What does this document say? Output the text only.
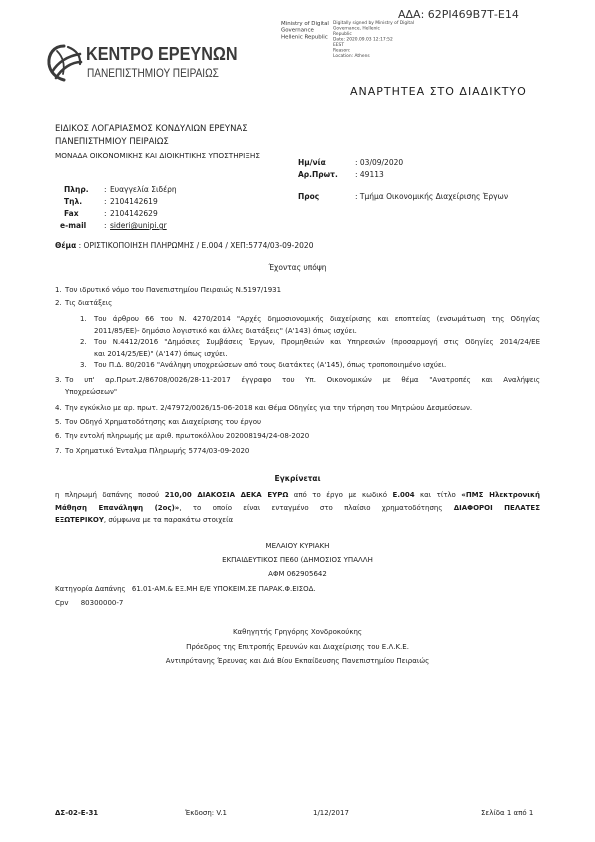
ΑΔΑ: 62ΡΙ469Β7Τ-Ε14
Ministry of Digital
Governance
Hellenic Republic
Digitally signed by Ministry of Digital
Governance, Hellenic
Republic
Date: 2020.09.03 12:17:52
EEST
Reason:
Location: Athens
ΚΕΝΤΡΟ ΕΡΕΥΝΩΝ
ΠΑΝΕΠΙΣΤΗΜΙΟΥ ΠΕΙΡΑΙΩΣ
ΑΝΑΡΤΗΤΕΑ ΣΤΟ ΔΙΑΔΙΚΤΥΟ
ΕΙΔΙΚΟΣ ΛΟΓΑΡΙΑΣΜΟΣ ΚΟΝΔΥΛΙΩΝ ΕΡΕΥΝΑΣ
ΠΑΝΕΠΙΣΤΗΜΙΟΥ ΠΕΙΡΑΙΩΣ
ΜΟΝΑΔΑ ΟΙΚΟΝΟΜΙΚΗΣ ΚΑΙ ΔΙΟΙΚΗΤΙΚΗΣ ΥΠΟΣΤΗΡΙΞΗΣ
Ημ/νία	: 03/09/2020
Αρ.Πρωτ. : 49113
Προς	: Τμήμα Οικονομικής Διαχείρισης Έργων
Πληρ. : Ευαγγελία Σιδέρη
Τηλ.	: 2104142619
Fax	: 2104142629
e-mail : sideri@unipi.gr
Θέμα : ΟΡΙΣΤΙΚΟΠΟΙΗΣΗ ΠΛΗΡΩΜΗΣ / Ε.004 / ΧΕΠ:5774/03-09-2020
Έχοντας υπόψη
1. Τον ιδρυτικό νόμο του Πανεπιστημίου Πειραιώς Ν.5197/1931
2. Τις διατάξεις
1. Του άρθρου 66 του Ν. 4270/2014 "Αρχές δημοσιονομικής διαχείρισης και εποπτείας (ενσωμάτωση της Οδηγίας
2011/85/ΕΕ)- δημόσιο λογιστικό και άλλες διατάξεις" (Α'143) όπως ισχύει.
2. Του Ν.4412/2016 "Δημόσιες Συμβάσεις Έργων, Προμηθειών και Υπηρεσιών (προσαρμογή στις Οδηγίες 2014/24/ΕΕ
και 2014/25/ΕΕ)" (Α'147) όπως ισχύει.
3. Του Π.Δ. 80/2016 "Ανάληψη υποχρεώσεων από τους διατάκτες (Α'145), όπως τροποποιημένο ισχύει.
3. Το υπ' αρ.Πρωτ.2/86708/0026/28-11-2017 έγγραφο του Υπ. Οικονομικών με θέμα "Ανατροπές και Αναλήψεις
Υποχρεώσεων"
4. Την εγκύκλιο με αρ. πρωτ. 2/47972/0026/15-06-2018 και Θέμα Οδηγίες για την τήρηση του Μητρώου Δεσμεύσεων.
5. Τον Οδηγό Χρηματοδότησης και Διαχείρισης του έργου
6. Την εντολή πληρωμής με αριθ. πρωτοκόλλου 202008194/24-08-2020
7. Το Χρηματικό Ένταλμα Πληρωμής 5774/03-09-2020
Εγκρίνεται
η πληρωμή δαπάνης ποσού 210,00 ΔΙΑΚΟΣΙΑ ΔΕΚΑ ΕΥΡΩ από το έργο με κωδικό Ε.004 και τίτλο «ΠΜΣ Ηλεκτρονική
Μάθηση Επανάληψη (2ος)», το οποίο είναι ενταγμένο στο πλαίσιο χρηματοδότησης ΔΙΑΦΟΡΟΙ ΠΕΛΑΤΕΣ
ΕΞΩΤΕΡΙΚΟΥ, σύμφωνα με τα παρακάτω στοιχεία
ΜΕΛΑΙΟΥ ΚΥΡΙΑΚΗ
ΕΚΠΑΙΔΕΥΤΙΚΟΣ ΠΕ60 (ΔΗΜΟΣΙΟΣ ΥΠΑΛΛΗ
ΑΦΜ 062905642
Κατηγορία Δαπάνης 61.01-ΑΜ.& ΕΞ.ΜΗ Ε/Ε ΥΠΟΚΕΙΜ.ΣΕ ΠΑΡΑΚ.Φ.ΕΙΣΟΔ.
Cpv 80300000-7
Καθηγητής Γρηγόρης Χονδροκούκης
Πρόεδρος της Επιτροπής Ερευνών και Διαχείρισης του Ε.Λ.Κ.Ε.
Αντιπρύτανης Έρευνας και Διά Βίου Εκπαίδευσης Πανεπιστημίου Πειραιώς
ΔΣ-02-Ε-31	Έκδοση: V.1	1/12/2017	Σελίδα 1 από 1
